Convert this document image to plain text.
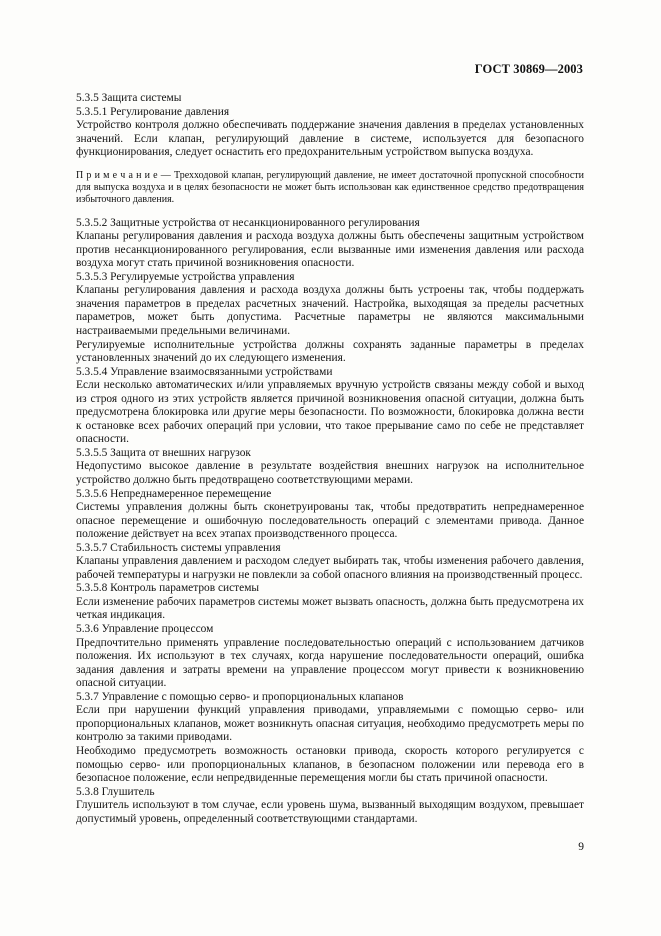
ГОСТ 30869—2003

5.3.5 Защита системы

5.3.5.1 Регулирование давления

Устройство контроля должно обеспечивать поддержание значения давления в пределах установленных значений. Если клапан, регулирующий давление в системе, используется для безопасного функционирования, следует оснастить его предохранительным устройством выпуска воздуха.

П р и м е ч а н и е — Трехходовой клапан, регулирующий давление, не имеет достаточной пропускной способности для выпуска воздуха и в целях безопасности не может быть использован как единственное средство предотвращения избыточного давления.

5.3.5.2 Защитные устройства от несанкционированного регулирования

Клапаны регулирования давления и расхода воздуха должны быть обеспечены защитным устройством против несанкционированного регулирования, если вызванные ими изменения давления или расхода воздуха могут стать причиной возникновения опасности.

5.3.5.3 Регулируемые устройства управления

Клапаны регулирования давления и расхода воздуха должны быть устроены так, чтобы поддержать значения параметров в пределах расчетных значений. Настройка, выходящая за пределы расчетных параметров, может быть допустима. Расчетные параметры не являются максимальными настраиваемыми предельными величинами.

Регулируемые исполнительные устройства должны сохранять заданные параметры в пределах установленных значений до их следующего изменения.

5.3.5.4 Управление взаимосвязанными устройствами

Если несколько автоматических и/или управляемых вручную устройств связаны между собой и выход из строя одного из этих устройств является причиной возникновения опасной ситуации, должна быть предусмотрена блокировка или другие меры безопасности. По возможности, блокировка должна вести к остановке всех рабочих операций при условии, что такое прерывание само по себе не представляет опасности.

5.3.5.5 Защита от внешних нагрузок

Недопустимо высокое давление в результате воздействия внешних нагрузок на исполнительное устройство должно быть предотвращено соответствующими мерами.

5.3.5.6 Непреднамеренное перемещение

Системы управления должны быть сконетруированы так, чтобы предотвратить непреднамеренное опасное перемещение и ошибочную последовательность операций с элементами привода. Данное положение действует на всех этапах производственного процесса.

5.3.5.7 Стабильность системы управления

Клапаны управления давлением и расходом следует выбирать так, чтобы изменения рабочего давления, рабочей температуры и нагрузки не повлекли за собой опасного влияния на производственный процесс.

5.3.5.8 Контроль параметров системы

Если изменение рабочих параметров системы может вызвать опасность, должна быть предусмотрена их четкая индикация.

5.3.6 Управление процессом

Предпочтительно применять управление последовательностью операций с использованием датчиков положения. Их используют в тех случаях, когда нарушение последовательности операций, ошибка задания давления и затраты времени на управление процессом могут привести к возникновению опасной ситуации.

5.3.7 Управление с помощью серво- и пропорциональных клапанов

Если при нарушении функций управления приводами, управляемыми с помощью серво- или пропорциональных клапанов, может возникнуть опасная ситуация, необходимо предусмотреть меры по контролю за такими приводами.

Необходимо предусмотреть возможность остановки привода, скорость которого регулируется с помощью серво- или пропорциональных клапанов, в безопасном положении или перевода его в безопасное положение, если непредвиденные перемещения могли бы стать причиной опасности.

5.3.8 Глушитель

Глушитель используют в том случае, если уровень шума, вызванный выходящим воздухом, превышает допустимый уровень, определенный соответствующими стандартами.

9
